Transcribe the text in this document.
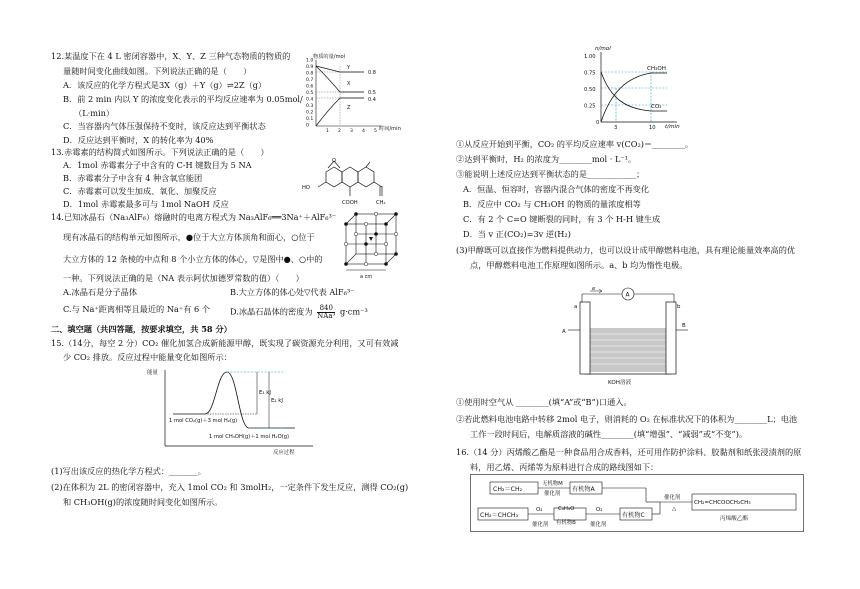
12.某温度下在 4 L 密闭容器中，X、Y、Z 三种气态物质的物质的
量随时间变化曲线如图。下列说法正确的是（　　）
A．该反应的化学方程式是3X（g）＋Y（g）⇌2Z（g）
B．前 2 min 内以 Y 的浓度变化表示的平均反应速率为 0.05mol/
（L·min）
C．当容器内气体压强保持不变时，该反应达到平衡状态
D．反应达到平衡时，X 的转化率为 40%
物质的量/mol
时间/min
1.0
0.9
0.8
0.7
0.6
0.5
0.4
0.3
0.2
0.1
0
1 2 3 4 5
Y
X
Z
0.8
0.5
0.4
13.赤霉素的结构简式如图所示。下列说法正确的是（　　）
A．1mol 赤霉素分子中含有的 C-H 键数目为 5 NA
B．赤霉素分子中含有 4 种含氧官能团
C．赤霉素可以发生加成、氧化、加聚反应
D．1mol 赤霉素最多可与 1mol NaOH 反应
HO
COOH	CH₂
O
14.已知冰晶石（Na₃AlF₆）熔融时的电离方程式为 Na₃AlF₆══3Na⁺＋AlF₆³⁻
现有冰晶石的结构单元如图所示，●位于大立方体顶角和面心，○位于
大立方体的 12 条棱的中点和 8 个小立方体的体心，▽是图中●、○中的
一种。下列说法正确的是（NA 表示阿伏加德罗常数的值）（　　）
A.冰晶石是分子晶体	B.大立方体的体心处▽代表 AlF₆³⁻
C.与 Na⁺距离相等且最近的 Na⁺有 6 个 D.冰晶石晶体的密度为	840
NAa³ g·cm⁻³
a cm
二、填空题（共四答题，按要求填空，共 58 分）
15.（14分，每空 2 分）CO₂ 催化加氢合成新能源甲醇，既实现了碳资源充分利用，又可有效减
少 CO₂ 排放。反应过程中能量变化如图所示：
能量
反应过程
E₁ kJ
E₂ kJ
1 mol CO₂(g)＋3 mol H₂(g)
1 mol CH₃OH(g)＋1 mol H₂O(g)
(1)写出该反应的热化学方程式：_______。
(2)在体积为 2L 的密闭容器中，充入 1mol CO₂ 和 3molH₂，一定条件下发生反应，测得 CO₂(g)
和 CH₃OH(g)的浓度随时间变化如图所示。
n/mol
t/min
1.00
0.75
0.50
0.25
0
3	10
CH₃OH
CO₂
①从反应开始到平衡，CO₂ 的平均反应速率 v(CO₂)＝________。
②达到平衡时，H₂ 的浓度为________mol · L⁻¹。
③能说明上述反应达到平衡状态的是____________；
A．恒温、恒容时，容器内混合气体的密度不再变化
B．反应中 CO₂ 与 CH₃OH 的物质的量浓度相等
C．有 2 个 C=O 键断裂的同时，有 3 个 H-H 键生成
D．当 v 正(CO₂)=3v 逆(H₂)
(3)甲醇既可以直接作为燃料提供动力，也可以设计成甲醇燃料电池，具有理论能量效率高的优
点，甲醇燃料电池工作原理如图所示。a、b 均为惰性电极。
e
A
a	b
A
B
KOH溶液
①使用时空气从 ________(填“A”或“B”)口通入。
②若此燃料电池电路中转移 2mol 电子，则消耗的 O₂ 在标准状况下的体积为________L；电池
工作一段时间后，电解质溶液的碱性________(填“增强”、“减弱”或“不变”)。
16.（14 分）丙烯酸乙酯是一种食品用合成香料，还可用作防护涂料、胶黏剂和纸张浸渍剂的原
料，用乙烯、丙烯等为原料进行合成的路线图如下：
CH₂＝CH₂
无机物M
催化剂
有机物A
CH₂＝CHCH₃
O₂
催化剂
C₃H₄O
有机物B
O₂
催化剂
有机物C
催化剂
△
CH₂=CHCOOCH₂CH₃
丙烯酸乙酯
